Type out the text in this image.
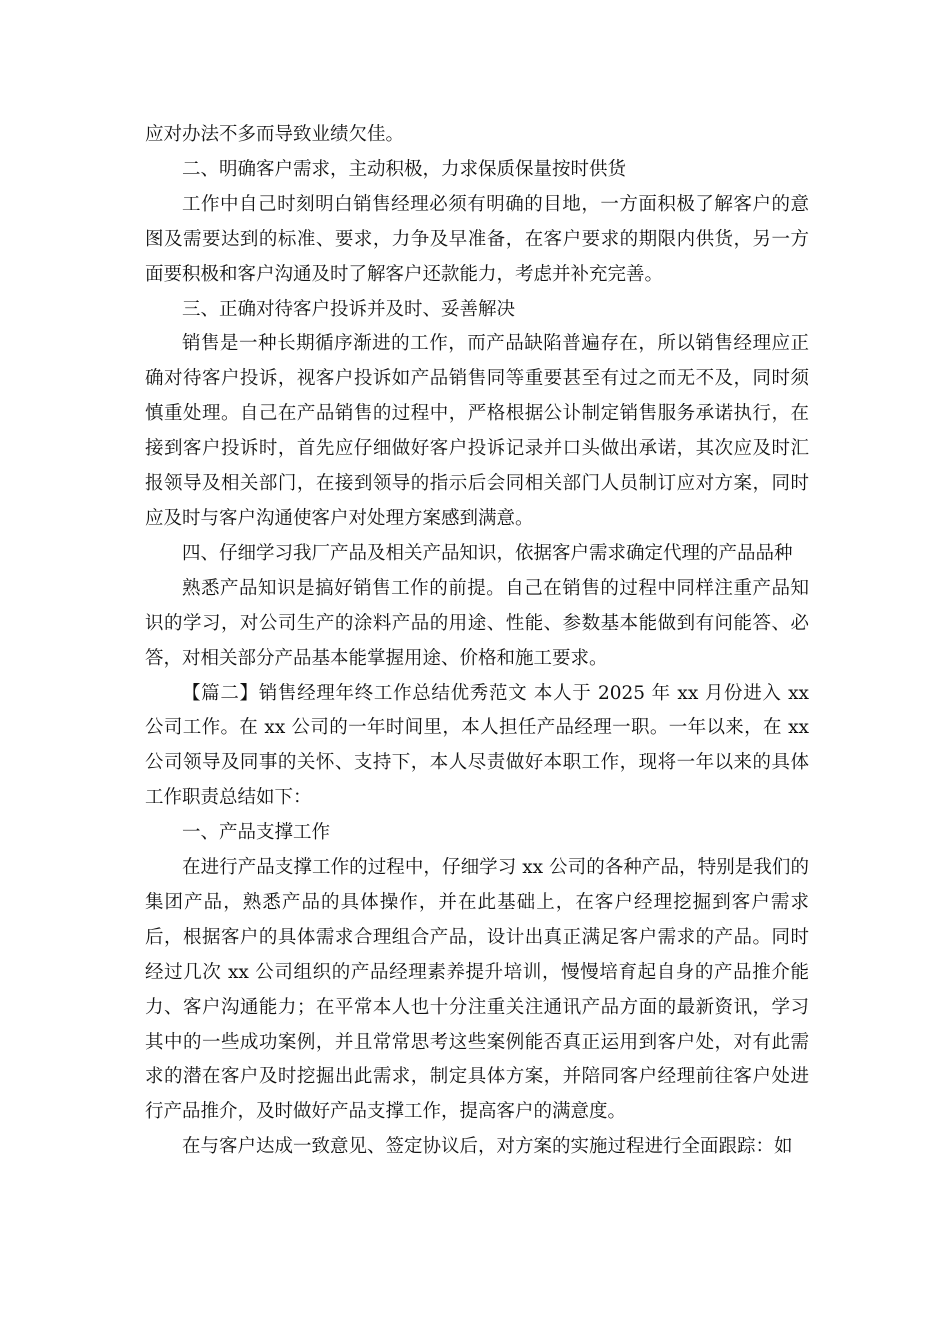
应对办法不多而导致业绩欠佳。

二、明确客户需求，主动积极，力求保质保量按时供货

工作中自己时刻明白销售经理必须有明确的目地，一方面积极了解客户的意图及需要达到的标准、要求，力争及早准备，在客户要求的期限内供货，另一方面要积极和客户沟通及时了解客户还款能力，考虑并补充完善。

三、正确对待客户投诉并及时、妥善解决

销售是一种长期循序渐进的工作，而产品缺陷普遍存在，所以销售经理应正确对待客户投诉，视客户投诉如产品销售同等重要甚至有过之而无不及，同时须慎重处理。自己在产品销售的过程中，严格根据公讣制定销售服务承诺执行，在接到客户投诉时，首先应仔细做好客户投诉记录并口头做出承诺，其次应及时汇报领导及相关部门，在接到领导的指示后会同相关部门人员制订应对方案，同时应及时与客户沟通使客户对处理方案感到满意。

四、仔细学习我厂产品及相关产品知识，依据客户需求确定代理的产品品种

熟悉产品知识是搞好销售工作的前提。自己在销售的过程中同样注重产品知识的学习，对公司生产的涂料产品的用途、性能、参数基本能做到有问能答、必答，对相关部分产品基本能掌握用途、价格和施工要求。

【篇二】销售经理年终工作总结优秀范文 本人于 2025 年 xx 月份进入 xx 公司工作。在 xx 公司的一年时间里，本人担任产品经理一职。一年以来，在 xx 公司领导及同事的关怀、支持下，本人尽责做好本职工作，现将一年以来的具体工作职责总结如下：

一、产品支撑工作

在进行产品支撑工作的过程中，仔细学习 xx 公司的各种产品，特别是我们的集团产品，熟悉产品的具体操作，并在此基础上，在客户经理挖掘到客户需求后，根据客户的具体需求合理组合产品，设计出真正满足客户需求的产品。同时经过几次 xx 公司组织的产品经理素养提升培训，慢慢培育起自身的产品推介能力、客户沟通能力；在平常本人也十分注重关注通讯产品方面的最新资讯，学习其中的一些成功案例，并且常常思考这些案例能否真正运用到客户处，对有此需求的潜在客户及时挖掘出此需求，制定具体方案，并陪同客户经理前往客户处进行产品推介，及时做好产品支撑工作，提高客户的满意度。

在与客户达成一致意见、签定协议后，对方案的实施过程进行全面跟踪：如
